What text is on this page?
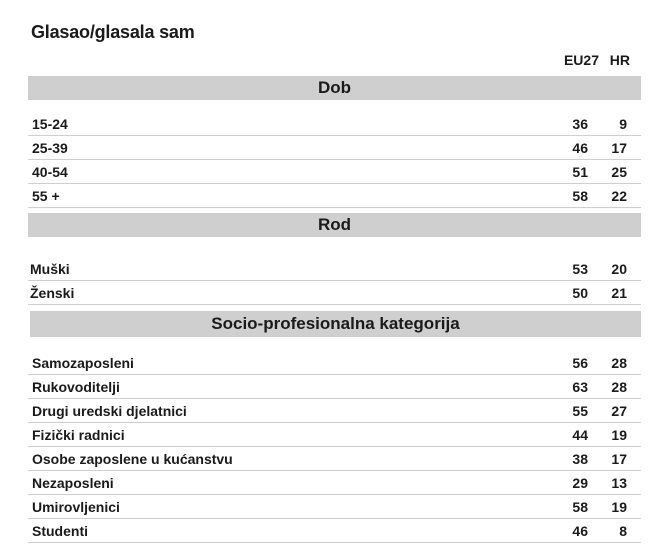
Glasao/glasala sam
EU27 HR
Dob
15-24	36 9
25-39	46 17
40-54	51 25
55 +	58 22
Rod
Muški	53 20
Ženski	50 21
Socio-profesionalna kategorija
Samozaposleni	56 28
Rukovoditelji	63 28
Drugi uredski djelatnici	55 27
Fizički radnici	44 19
Osobe zaposlene u kućanstvu	38 17
Nezaposleni	29 13
Umirovljenici	58 19
Studenti	46 8
